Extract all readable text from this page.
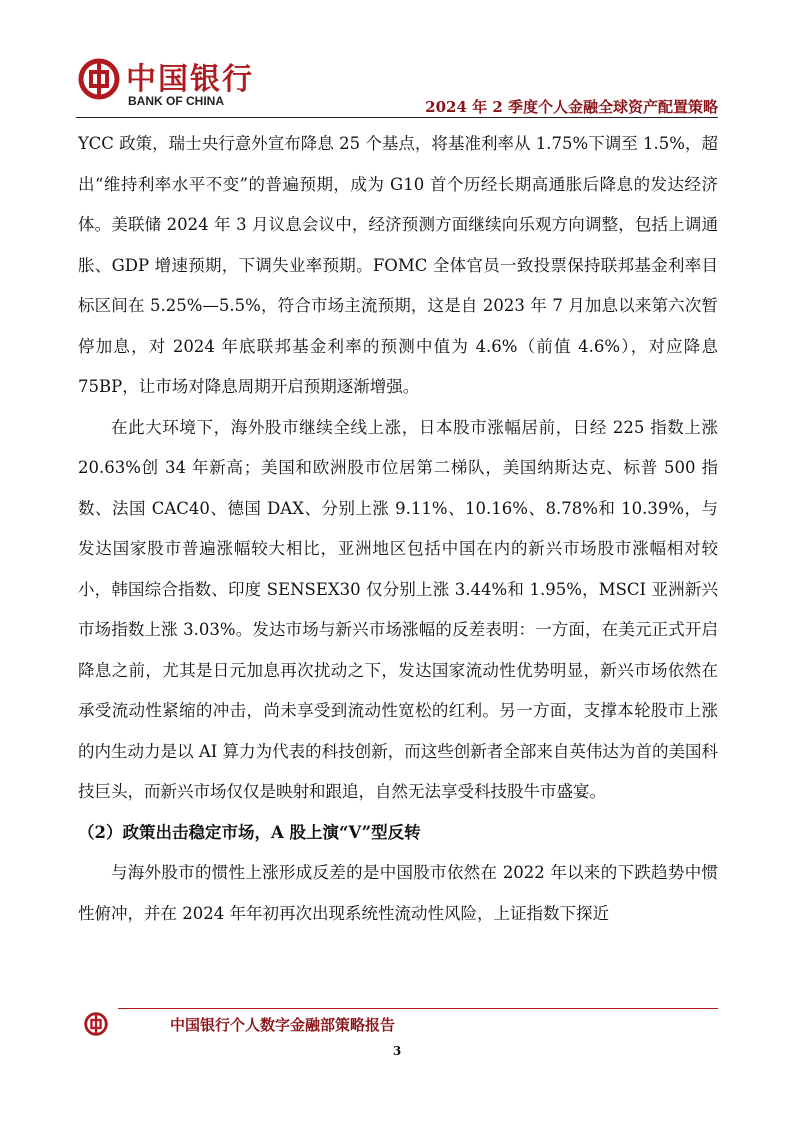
中国银行
BANK OF CHINA	2024 年 2 季度个人金融全球资产配置策略

YCC 政策，瑞士央行意外宣布降息 25 个基点，将基准利率从 1.75%下调至 1.5%，超出“维持利率水平不变”的普遍预期，成为 G10 首个历经长期高通胀后降息的发达经济体。美联储 2024 年 3 月议息会议中，经济预测方面继续向乐观方向调整，包括上调通胀、GDP 增速预期，下调失业率预期。FOMC 全体官员一致投票保持联邦基金利率目标区间在 5.25%—5.5%，符合市场主流预期，这是自 2023 年 7 月加息以来第六次暂停加息，对 2024 年底联邦基金利率的预测中值为 4.6%（前值 4.6%），对应降息 75BP，让市场对降息周期开启预期逐渐增强。

在此大环境下，海外股市继续全线上涨，日本股市涨幅居前，日经 225 指数上涨 20.63%创 34 年新高；美国和欧洲股市位居第二梯队，美国纳斯达克、标普 500 指数、法国 CAC40、德国 DAX、分别上涨 9.11%、10.16%、8.78%和 10.39%，与发达国家股市普遍涨幅较大相比，亚洲地区包括中国在内的新兴市场股市涨幅相对较小，韩国综合指数、印度 SENSEX30 仅分别上涨 3.44%和 1.95%，MSCI 亚洲新兴市场指数上涨 3.03%。发达市场与新兴市场涨幅的反差表明：一方面，在美元正式开启降息之前，尤其是日元加息再次扰动之下，发达国家流动性优势明显，新兴市场依然在承受流动性紧缩的冲击，尚未享受到流动性宽松的红利。另一方面，支撑本轮股市上涨的内生动力是以 AI 算力为代表的科技创新，而这些创新者全部来自英伟达为首的美国科技巨头，而新兴市场仅仅是映射和跟追，自然无法享受科技股牛市盛宴。

（2）政策出击稳定市场，A 股上演“V”型反转

与海外股市的惯性上涨形成反差的是中国股市依然在 2022 年以来的下跌趋势中惯性俯冲，并在 2024 年年初再次出现系统性流动性风险，上证指数下探近

中国银行个人数字金融部策略报告
3
